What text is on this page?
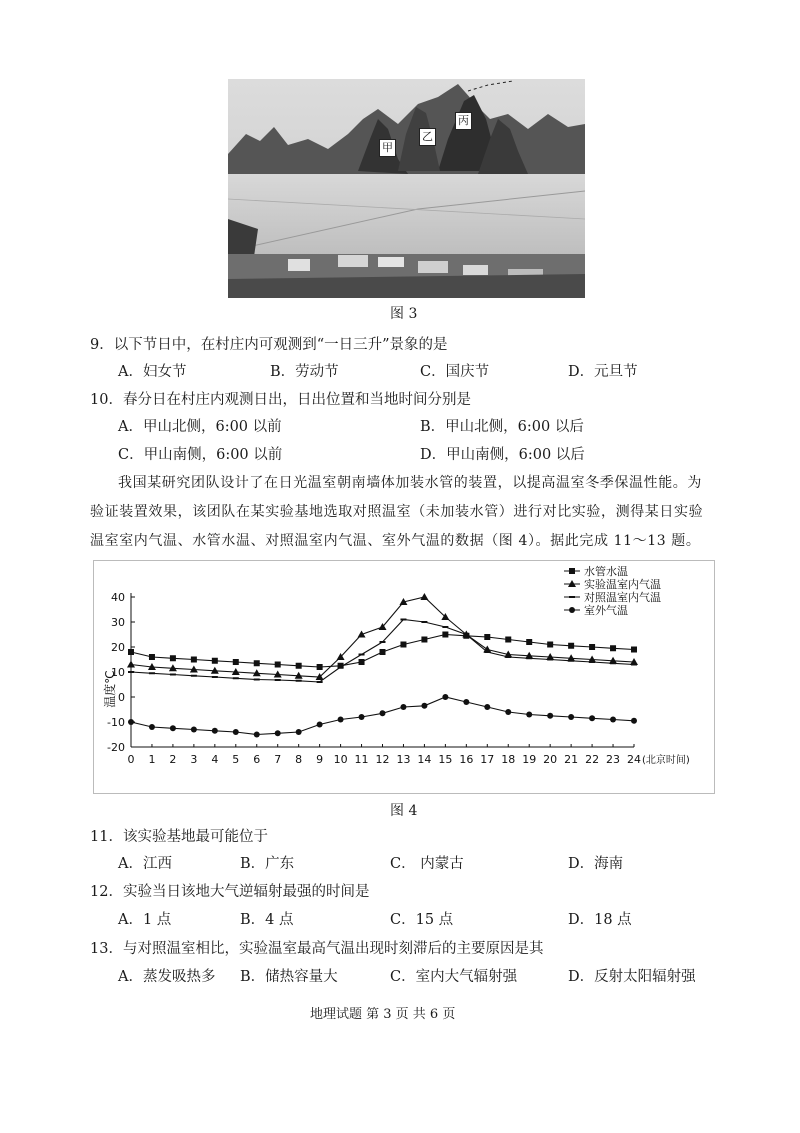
甲
乙
丙
图 3
9．以下节日中，在村庄内可观测到“一日三升”景象的是
A．妇女节	B．劳动节	C．国庆节	D．元旦节
10．春分日在村庄内观测日出，日出位置和当地时间分别是
A．甲山北侧，6:00 以前	B．甲山北侧，6:00 以后
C．甲山南侧，6:00 以前	D．甲山南侧，6:00 以后
我国某研究团队设计了在日光温室朝南墙体加装水管的装置，以提高温室冬季保温性能。为
验证装置效果，该团队在某实验基地选取对照温室（未加装水管）进行对比实验，测得某日实验
温室室内气温、水管水温、对照温室内气温、室外气温的数据（图 4）。据此完成 11～13 题。
温度℃
40
30
20
10
0
-10
-20
0 1 2 3 4 5 6 7 8 9 10 11 12 13 14 15 16 17 18 19 20 21 22 23 24 (北京时间)
水管水温
实验温室内气温
对照温室内气温
室外气温
图 4
11．该实验基地最可能位于
A．江西	B．广东	C． 内蒙古	D．海南
12．实验当日该地大气逆辐射最强的时间是
A．1 点	B．4 点	C．15 点	D．18 点
13．与对照温室相比，实验温室最高气温出现时刻滞后的主要原因是其
A．蒸发吸热多 B．储热容量大	C．室内大气辐射强	D．反射太阳辐射强
地理试题 第 3 页 共 6 页
